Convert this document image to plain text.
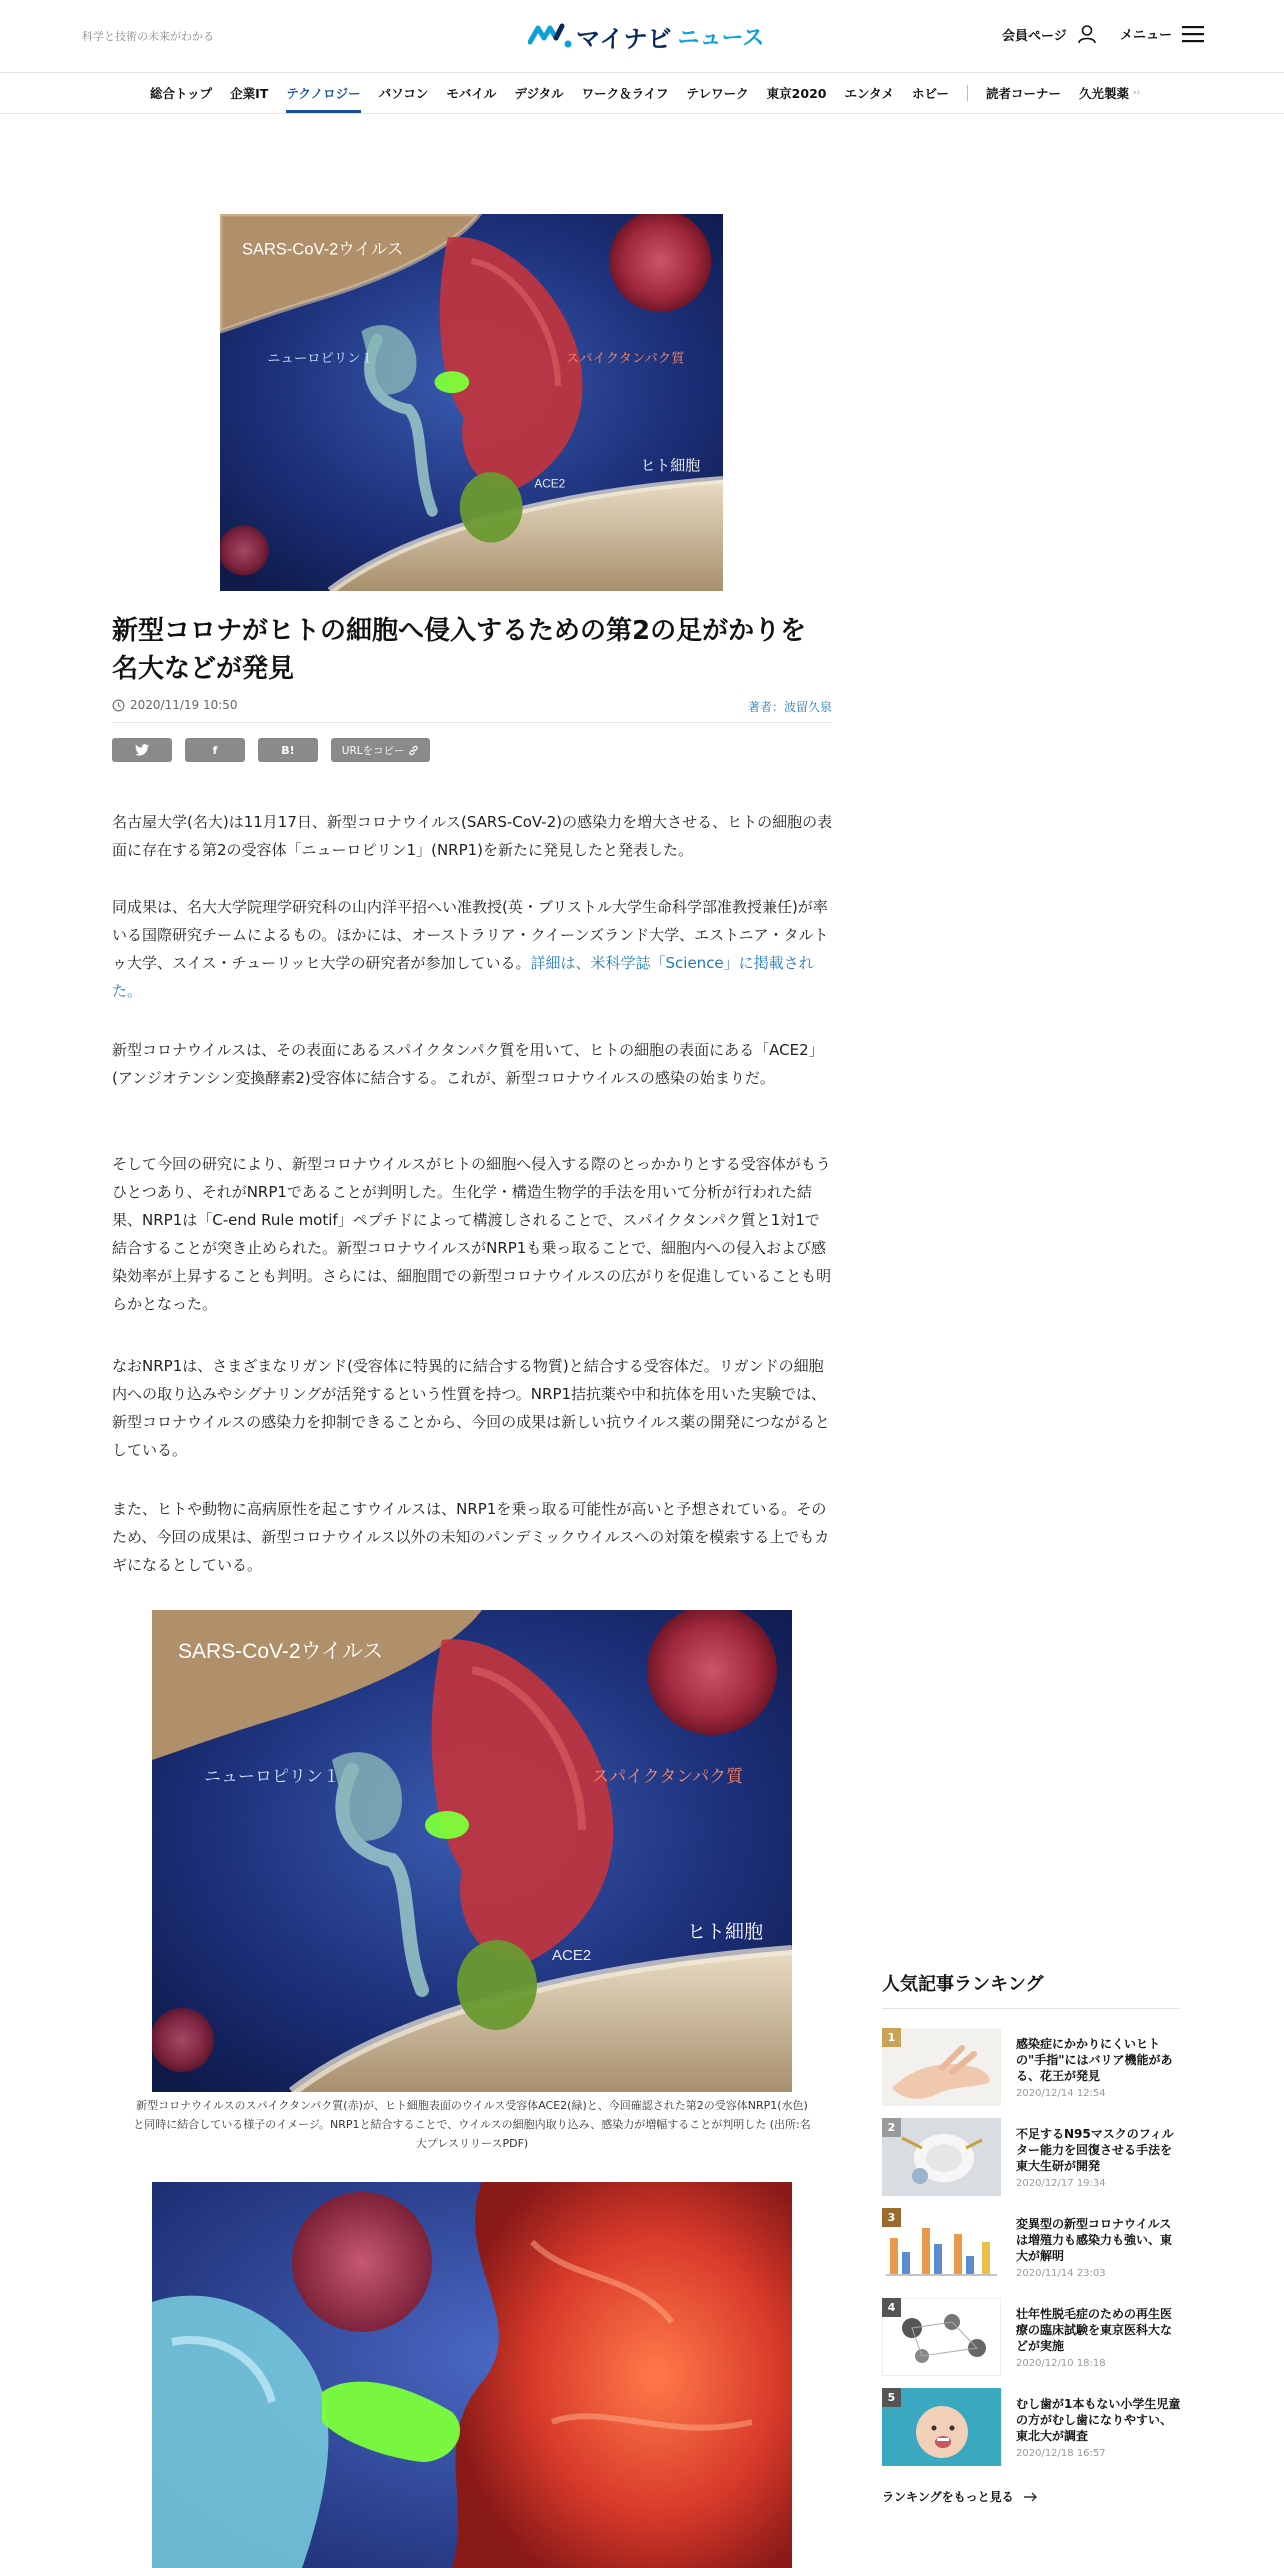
科学と技術の未来がわかる	マイナビ ニュース	会員ページ	メニュー
総合トップ 企業IT テクノロジー パソコン モバイル デジタル ワーク＆ライフ テレワーク 東京2020 エンタメ ホビー	読者コーナー 久光製薬 ››
SARS-CoV-2ウイルス
ニューロピリン１	スパイクタンパク質
ヒト細胞
ACE2
新型コロナがヒトの細胞へ侵入するための第2の足がかりを名大などが発見
2020/11/19 10:50	著者：波留久泉
f	B!	URLをコピー

名古屋大学(名大)は11月17日、新型コロナウイルス(SARS-CoV-2)の感染力を増大させる、ヒトの細胞の表面に存在する第2の受容体「ニューロピリン1」(NRP1)を新たに発見したと発表した。

同成果は、名大大学院理学研究科の山内洋平招へい准教授(英・ブリストル大学生命科学部准教授兼任)が率いる国際研究チームによるもの。ほかには、オーストラリア・クイーンズランド大学、エストニア・タルトゥ大学、スイス・チューリッヒ大学の研究者が参加している。詳細は、米科学誌「Science」に掲載された。

新型コロナウイルスは、その表面にあるスパイクタンパク質を用いて、ヒトの細胞の表面にある「ACE2」(アンジオテンシン変換酵素2)受容体に結合する。これが、新型コロナウイルスの感染の始まりだ。

そして今回の研究により、新型コロナウイルスがヒトの細胞へ侵入する際のとっかかりとする受容体がもうひとつあり、それがNRP1であることが判明した。生化学・構造生物学的手法を用いて分析が行われた結果、NRP1は「C-end Rule motif」ペプチドによって構渡しされることで、スパイクタンパク質と1対1で結合することが突き止められた。新型コロナウイルスがNRP1も乗っ取ることで、細胞内への侵入および感染効率が上昇することも判明。さらには、細胞間での新型コロナウイルスの広がりを促進していることも明らかとなった。

なおNRP1は、さまざまなリガンド(受容体に特異的に結合する物質)と結合する受容体だ。リガンドの細胞内への取り込みやシグナリングが活発するという性質を持つ。NRP1拮抗薬や中和抗体を用いた実験では、新型コロナウイルスの感染力を抑制できることから、今回の成果は新しい抗ウイルス薬の開発につながるとしている。

また、ヒトや動物に高病原性を起こすウイルスは、NRP1を乗っ取る可能性が高いと予想されている。そのため、今回の成果は、新型コロナウイルス以外の未知のパンデミックウイルスへの対策を模索する上でもカギになるとしている。

SARS-CoV-2ウイルス
ニューロピリン１	スパイクタンパク質
ヒト細胞
ACE2

新型コロナウイルスのスパイクタンパク質(赤)が、ヒト細胞表面のウイルス受容体ACE2(緑)と、今回確認された第2の受容体NRP1(水色)と同時に結合している様子のイメージ。NRP1と結合することで、ウイルスの細胞内取り込み、感染力が増幅することが判明した (出所:名大プレスリリースPDF)

人気記事ランキング
1	感染症にかかりにくいヒトの"手指"にはバリア機能がある、花王が発見
2020/12/14 12:54
2	不足するN95マスクのフィルター能力を回復させる手法を東大生研が開発
2020/12/17 19:34
3	変異型の新型コロナウイルスは増殖力も感染力も強い、東大が解明
2020/11/14 23:03
4	壮年性脱毛症のための再生医療の臨床試験を東京医科大などが実施
2020/12/10 18:18
5	むし歯が1本もない小学生児童の方がむし歯になりやすい、東北大が調査
2020/12/18 16:57
ランキングをもっと見る
